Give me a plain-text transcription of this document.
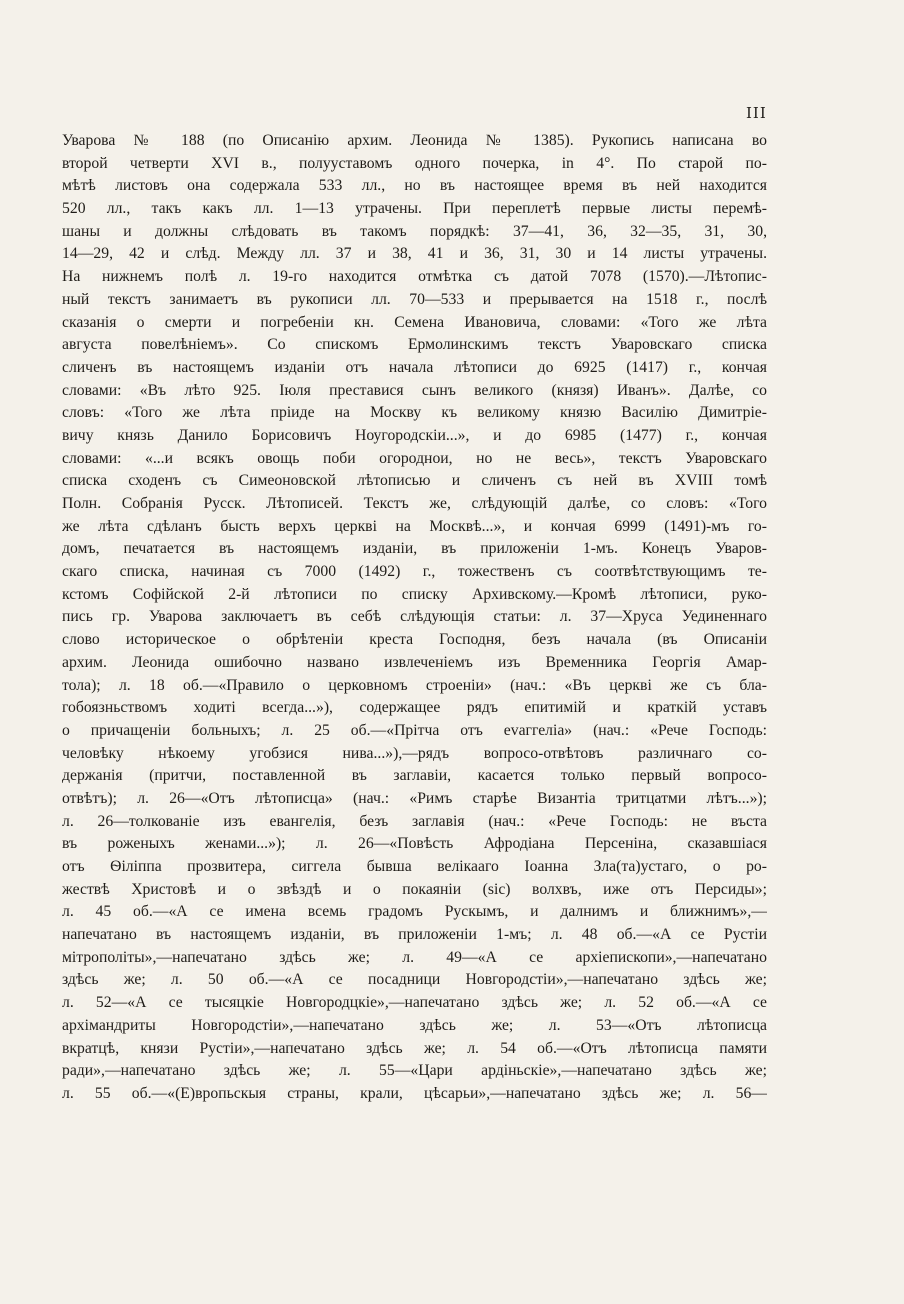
III
Уварова № 188 (по Описанію архим. Леонида № 1385). Рукопись написана во
второй четверти XVI в., полууставомъ одного почерка, in 4°. По старой по-
мѣтѣ листовъ она содержала 533 лл., но въ настоящее время въ ней находится
520 лл., такъ какъ лл. 1—13 утрачены. При переплетѣ первые листы перемѣ-
шаны и должны слѣдовать въ такомъ порядкѣ: 37—41, 36, 32—35, 31, 30,
14—29, 42 и слѣд. Между лл. 37 и 38, 41 и 36, 31, 30 и 14 листы утрачены.
На нижнемъ полѣ л. 19-го находится отмѣтка съ датой 7078 (1570).—Лѣтопис-
ный текстъ занимаетъ въ рукописи лл. 70—533 и прерывается на 1518 г., послѣ
сказанія о смерти и погребеніи кн. Семена Ивановича, словами: «Того же лѣта
августа повелѣніемъ». Со спискомъ Ермолинскимъ текстъ Уваровскаго списка
сличенъ въ настоящемъ изданіи отъ начала лѣтописи до 6925 (1417) г., кончая
словами: «Въ лѣто 925. Іюля преставися сынъ великого (князя) Иванъ». Далѣе, со
словъ: «Того же лѣта пріиде на Москву къ великому князю Василію Димитріе-
вичу князь Данило Борисовичъ Ноугородскіи...», и до 6985 (1477) г., кончая
словами: «...и всякъ овощь поби огороднои, но не весь», текстъ Уваровскаго
списка сходенъ съ Симеоновской лѣтописью и сличенъ съ ней въ XVIII томѣ
Полн. Собранія Русск. Лѣтописей. Текстъ же, слѣдующій далѣе, со словъ: «Того
же лѣта сдѣланъ бысть верхъ церкві на Москвѣ...», и кончая 6999 (1491)-мъ го-
домъ, печатается въ настоящемъ изданіи, въ приложеніи 1-мъ. Конецъ Уваров-
скаго списка, начиная съ 7000 (1492) г., тожественъ съ соотвѣтствующимъ те-
кстомъ Софійской 2-й лѣтописи по списку Архивскому.—Кромѣ лѣтописи, руко-
пись гр. Уварова заключаетъ въ себѣ слѣдующія статьи: л. 37—Хруса Уединеннаго
слово историческое о обрѣтеніи креста Господня, безъ начала (въ Описаніи
архим. Леонида ошибочно названо извлеченіемъ изъ Временника Георгія Амар-
тола); л. 18 об.—«Правило о церковномъ строеніи» (нач.: «Въ церкві же съ бла-
гобоязньствомъ ходиті всегда...»), содержащее рядъ епитимій и краткій уставъ
о причащеніи больныхъ; л. 25 об.—«Прітча отъ еvаггеліа» (нач.: «Рече Господь:
человѣку нѣкоему угобзися нива...»),—рядъ вопросо-отвѣтовъ различнаго со-
держанія (притчи, поставленной въ заглавіи, касается только первый вопросо-
отвѣтъ); л. 26—«Отъ лѣтописца» (нач.: «Римъ старѣе Византіа тритцатми лѣтъ...»);
л. 26—толкованіе изъ евангелія, безъ заглавія (нач.: «Рече Господь: не въста
въ роженыхъ женами...»); л. 26—«Повѣсть Афродіана Персеніна, сказавшіася
отъ Ѳіліппа прозвитера, сиггела бывша велікааго Іоанна Зла(та)устаго, о ро-
жествѣ Христовѣ и о звѣздѣ и о покаяніи (sic) волхвъ, иже отъ Персиды»;
л. 45 об.—«А се имена всемь градомъ Рускымъ, и далнимъ и ближнимъ»,—
напечатано въ настоящемъ изданіи, въ приложеніи 1-мъ; л. 48 об.—«А се Рустіи
мітрополіты»,—напечатано здѣсь же; л. 49—«А се архіепископи»,—напечатано
здѣсь же; л. 50 об.—«А се посадници Новгородстіи»,—напечатано здѣсь же;
л. 52—«А се тысяцкіе Новгородцкіе»,—напечатано здѣсь же; л. 52 об.—«А се
архімандриты Новгородстіи»,—напечатано здѣсь же; л. 53—«Отъ лѣтописца
вкратцѣ, князи Рустіи»,—напечатано здѣсь же; л. 54 об.—«Отъ лѣтописца памяти
ради»,—напечатано здѣсь же; л. 55—«Цари ардіньскіе»,—напечатано здѣсь же;
л. 55 об.—«(Е)вропьскыя страны, крали, цѣсарьи»,—напечатано здѣсь же; л. 56—
